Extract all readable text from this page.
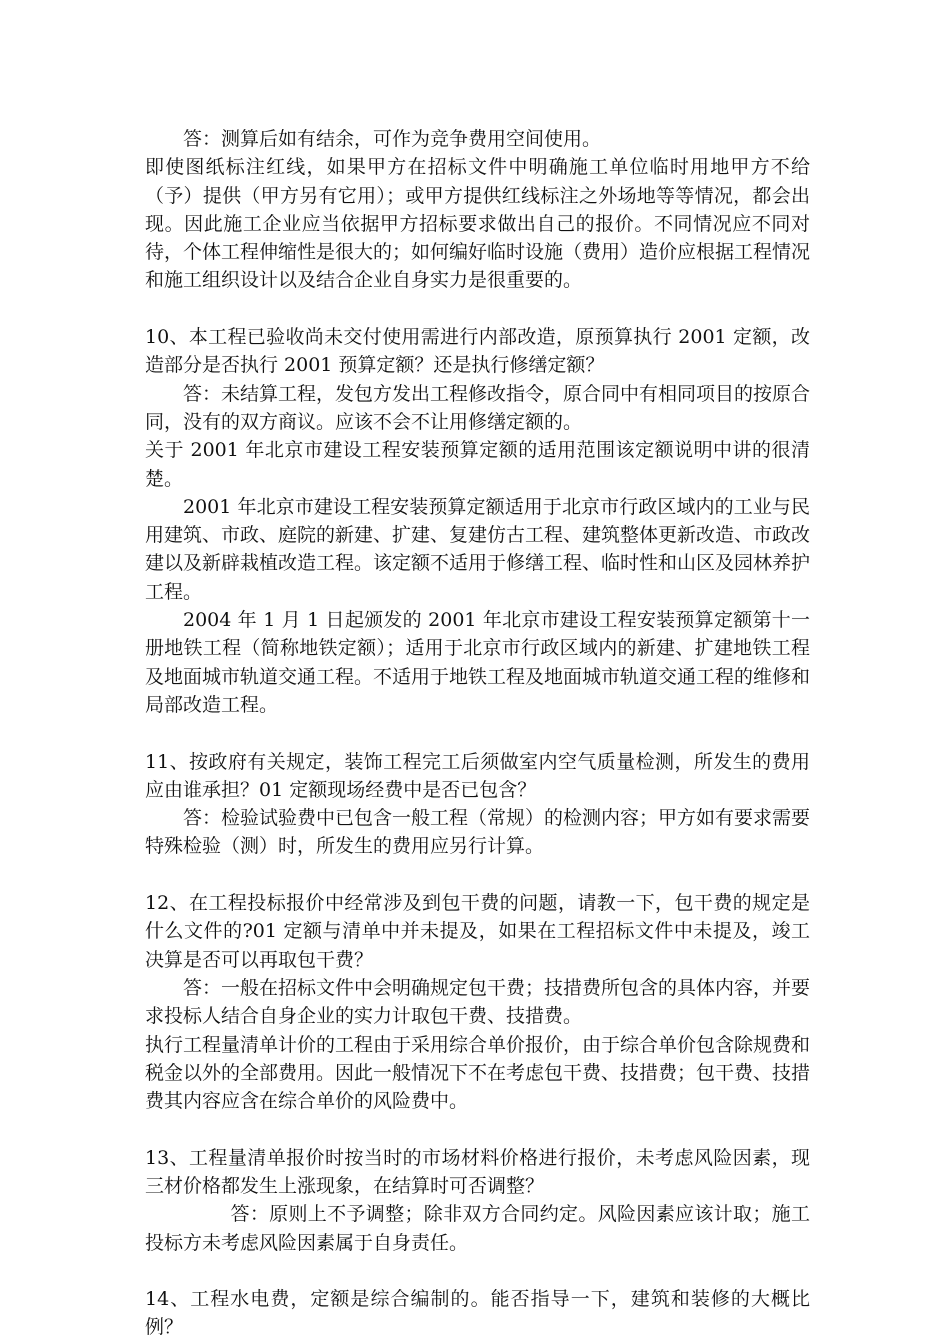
答：测算后如有结余，可作为竞争费用空间使用。

即使图纸标注红线，如果甲方在招标文件中明确施工单位临时用地甲方不给（予）提供（甲方另有它用）；或甲方提供红线标注之外场地等等情况，都会出现。因此施工企业应当依据甲方招标要求做出自己的报价。不同情况应不同对待，个体工程伸缩性是很大的；如何编好临时设施（费用）造价应根据工程情况和施工组织设计以及结合企业自身实力是很重要的。

10、本工程已验收尚未交付使用需进行内部改造，原预算执行 2001 定额，改造部分是否执行 2001 预算定额？还是执行修缮定额？

答：未结算工程，发包方发出工程修改指令，原合同中有相同项目的按原合同，没有的双方商议。应该不会不让用修缮定额的。

关于 2001 年北京市建设工程安装预算定额的适用范围该定额说明中讲的很清楚。

2001 年北京市建设工程安装预算定额适用于北京市行政区域内的工业与民用建筑、市政、庭院的新建、扩建、复建仿古工程、建筑整体更新改造、市政改建以及新辟栽植改造工程。该定额不适用于修缮工程、临时性和山区及园林养护工程。

2004 年 1 月 1 日起颁发的 2001 年北京市建设工程安装预算定额第十一册地铁工程（简称地铁定额）；适用于北京市行政区域内的新建、扩建地铁工程及地面城市轨道交通工程。不适用于地铁工程及地面城市轨道交通工程的维修和局部改造工程。

11、按政府有关规定，装饰工程完工后须做室内空气质量检测，所发生的费用应由谁承担？01 定额现场经费中是否已包含？

答：检验试验费中已包含一般工程（常规）的检测内容；甲方如有要求需要特殊检验（测）时，所发生的费用应另行计算。

12、在工程投标报价中经常涉及到包干费的问题，请教一下，包干费的规定是什么文件的?01 定额与清单中并未提及，如果在工程招标文件中未提及，竣工决算是否可以再取包干费？

答：一般在招标文件中会明确规定包干费；技措费所包含的具体内容，并要求投标人结合自身企业的实力计取包干费、技措费。

执行工程量清单计价的工程由于采用综合单价报价，由于综合单价包含除规费和税金以外的全部费用。因此一般情况下不在考虑包干费、技措费；包干费、技措费其内容应含在综合单价的风险费中。

13、工程量清单报价时按当时的市场材料价格进行报价，未考虑风险因素，现三材价格都发生上涨现象，在结算时可否调整？

答：原则上不予调整；除非双方合同约定。风险因素应该计取；施工投标方未考虑风险因素属于自身责任。

14、工程水电费，定额是综合编制的。能否指导一下，建筑和装修的大概比例？
